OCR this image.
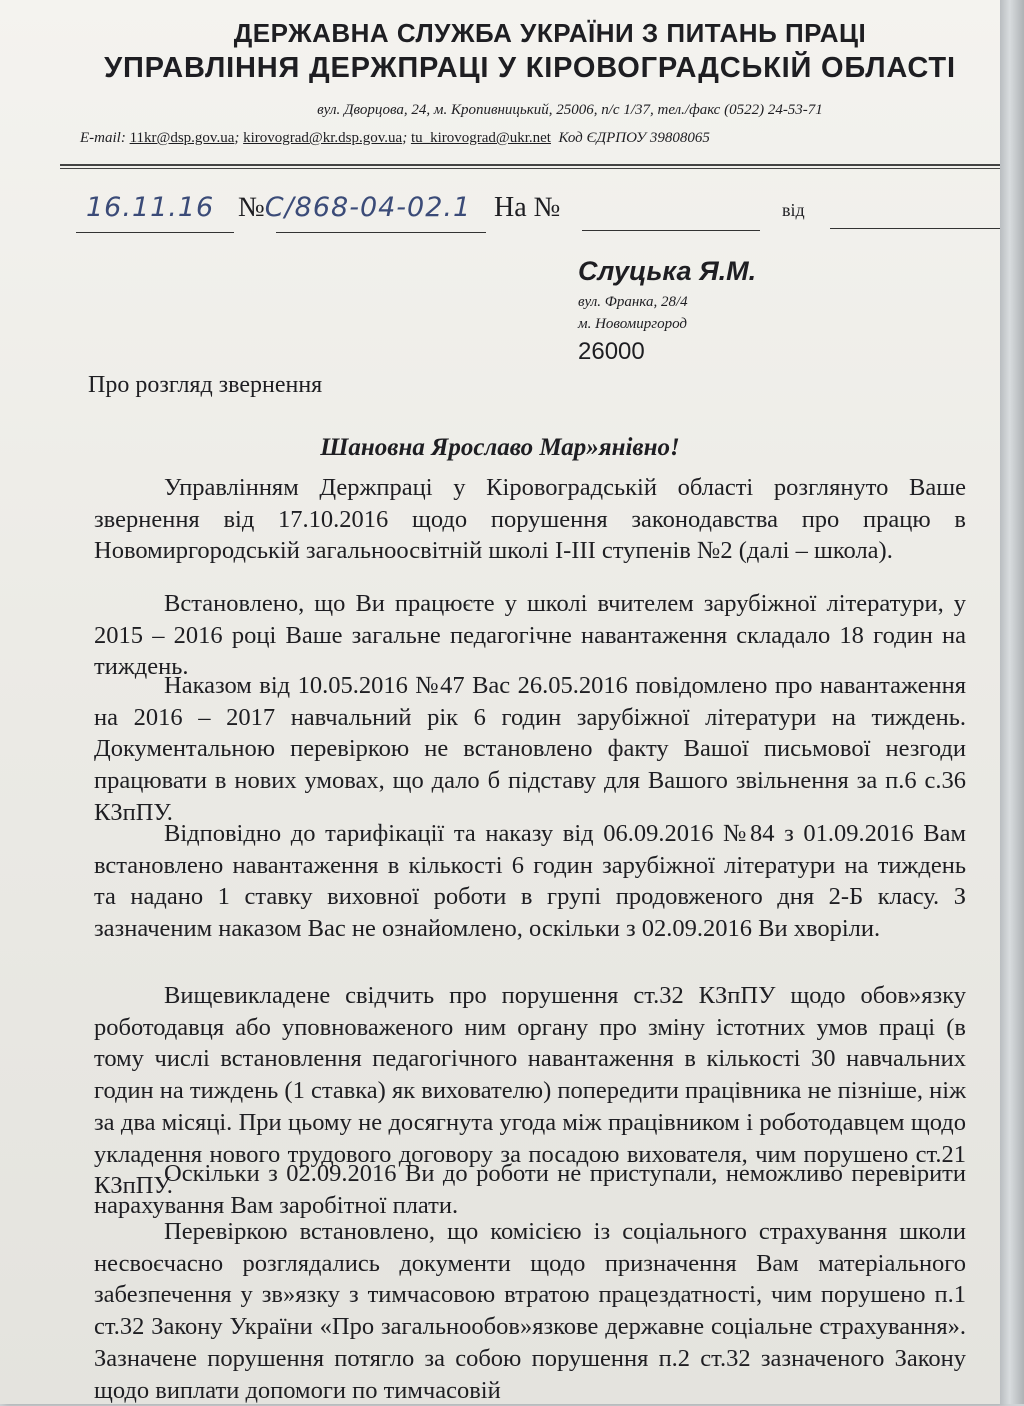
ДЕРЖАВНА СЛУЖБА УКРАЇНИ З ПИТАНЬ ПРАЦІ
УПРАВЛІННЯ ДЕРЖПРАЦІ У КІРОВОГРАДСЬКІЙ ОБЛАСТІ
вул. Дворцова, 24, м. Кропивницький, 25006, п/с 1/37, тел./факс (0522) 24-53-71
E-mail: 11kr@dsp.gov.ua; kirovograd@kr.dsp.gov.ua; tu_kirovograd@ukr.net Код ЄДРПОУ 39808065
16.11.16 №С/868-04-02.1 На №	від
Слуцька Я.М.
вул. Франка, 28/4
м. Новомиргород
26000
Про розгляд звернення
Шановна Ярославо Мар»янівно!

Управлінням Держпраці у Кіровоградській області розглянуто Ваше звернення від 17.10.2016 щодо порушення законодавства про працю в Новомиргородській загальноосвітній школі І-ІІІ ступенів №2 (далі – школа).

Встановлено, що Ви працюєте у школі вчителем зарубіжної літератури, у 2015 – 2016 році Ваше загальне педагогічне навантаження складало 18 годин на тиждень.

Наказом від 10.05.2016 №47 Вас 26.05.2016 повідомлено про навантаження на 2016 – 2017 навчальний рік 6 годин зарубіжної літератури на тиждень. Документальною перевіркою не встановлено факту Вашої письмової незгоди працювати в нових умовах, що дало б підставу для Вашого звільнення за п.6 с.36 КЗпПУ.

Відповідно до тарифікації та наказу від 06.09.2016 №84 з 01.09.2016 Вам встановлено навантаження в кількості 6 годин зарубіжної літератури на тиждень та надано 1 ставку виховної роботи в групі продовженого дня 2-Б класу. З зазначеним наказом Вас не ознайомлено, оскільки з 02.09.2016 Ви хворіли.

Вищевикладене свідчить про порушення ст.32 КЗпПУ щодо обов»язку роботодавця або уповноваженого ним органу про зміну істотних умов праці (в тому числі встановлення педагогічного навантаження в кількості 30 навчальних годин на тиждень (1 ставка) як вихователю) попередити працівника не пізніше, ніж за два місяці. При цьому не досягнута угода між працівником і роботодавцем щодо укладення нового трудового договору за посадою вихователя, чим порушено ст.21 КЗпПУ.

Оскільки з 02.09.2016 Ви до роботи не приступали, неможливо перевірити нарахування Вам заробітної плати.

Перевіркою встановлено, що комісією із соціального страхування школи несвоєчасно розглядались документи щодо призначення Вам матеріального забезпечення у зв»язку з тимчасовою втратою працездатності, чим порушено п.1 ст.32 Закону України «Про загальнообов»язкове державне соціальне страхування». Зазначене порушення потягло за собою порушення п.2 ст.32 зазначеного Закону щодо виплати допомоги по тимчасовій
